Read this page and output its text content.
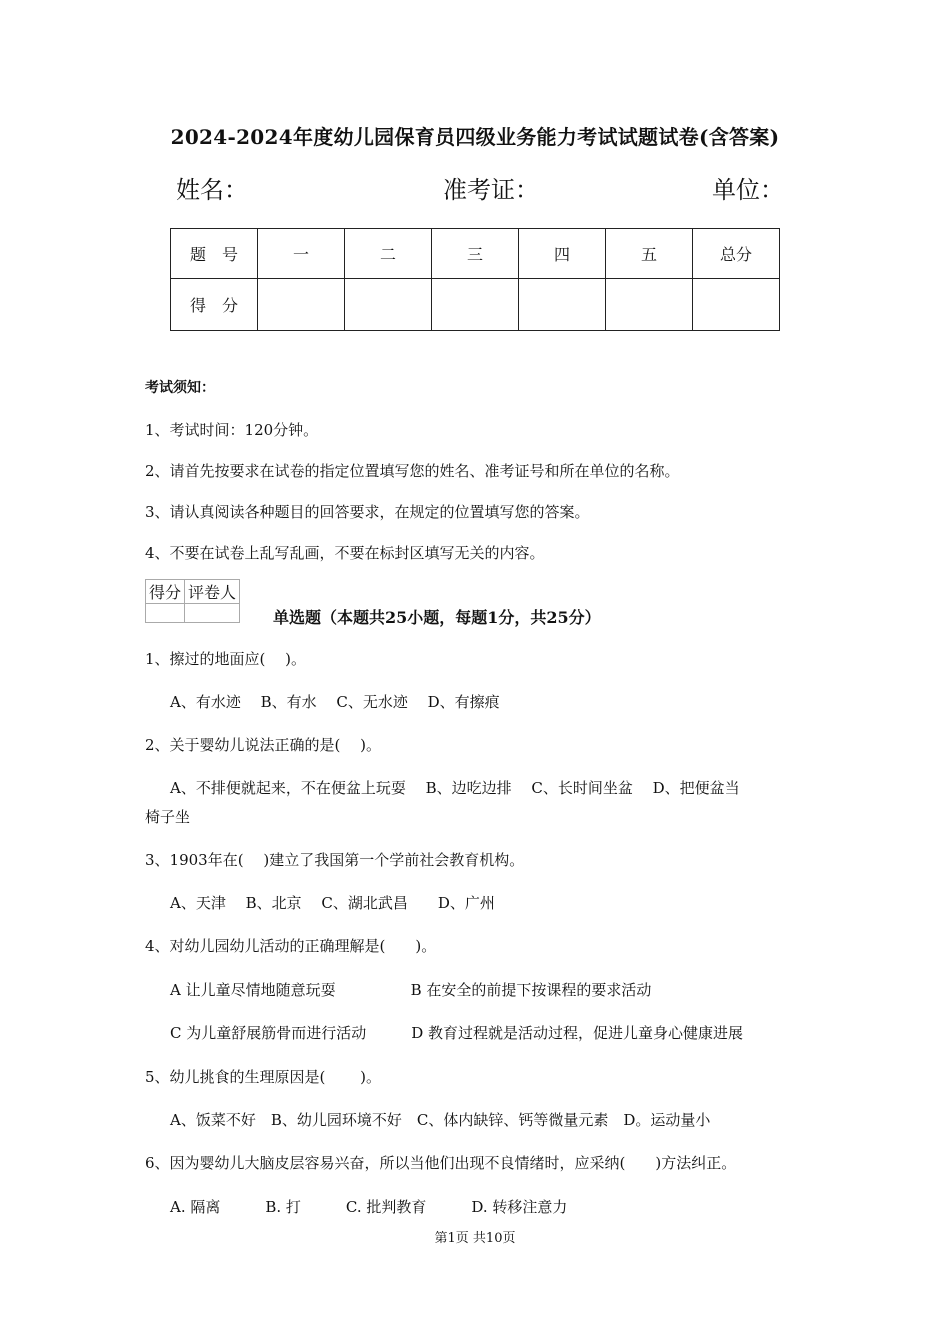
2024-2024年度幼儿园保育员四级业务能力考试试题试卷(含答案)
姓名：	准考证：	单位：
题　号	一	二	三	四	五	总分
得　分						
考试须知：
1、考试时间：120分钟。
2、请首先按要求在试卷的指定位置填写您的姓名、准考证号和所在单位的名称。
3、请认真阅读各种题目的回答要求，在规定的位置填写您的答案。
4、不要在试卷上乱写乱画，不要在标封区填写无关的内容。
得分	评卷人

单选题（本题共25小题，每题1分，共25分）
1、擦过的地面应(　 )。
A、有水迹　 B、有水　 C、无水迹　 D、有擦痕
2、关于婴幼儿说法正确的是(　 )。
A、不排便就起来，不在便盆上玩耍　 B、边吃边排　 C、长时间坐盆　 D、把便盆当
椅子坐
3、1903年在(　 )建立了我国第一个学前社会教育机构。
A、天津　 B、北京　 C、湖北武昌　　D、广州
4、对幼儿园幼儿活动的正确理解是(　　)。
A 让儿童尽情地随意玩耍　　　　　B 在安全的前提下按课程的要求活动
C 为儿童舒展筋骨而进行活动　　　D 教育过程就是活动过程，促进儿童身心健康进展
5、幼儿挑食的生理原因是(　　 )。
A、饭菜不好　B、幼儿园环境不好　C、体内缺锌、钙等微量元素　D。运动量小
6、因为婴幼儿大脑皮层容易兴奋，所以当他们出现不良情绪时，应采纳(　　)方法纠正。
A. 隔离　　　B. 打　　　C. 批判教育　　　D. 转移注意力
第1页 共10页
